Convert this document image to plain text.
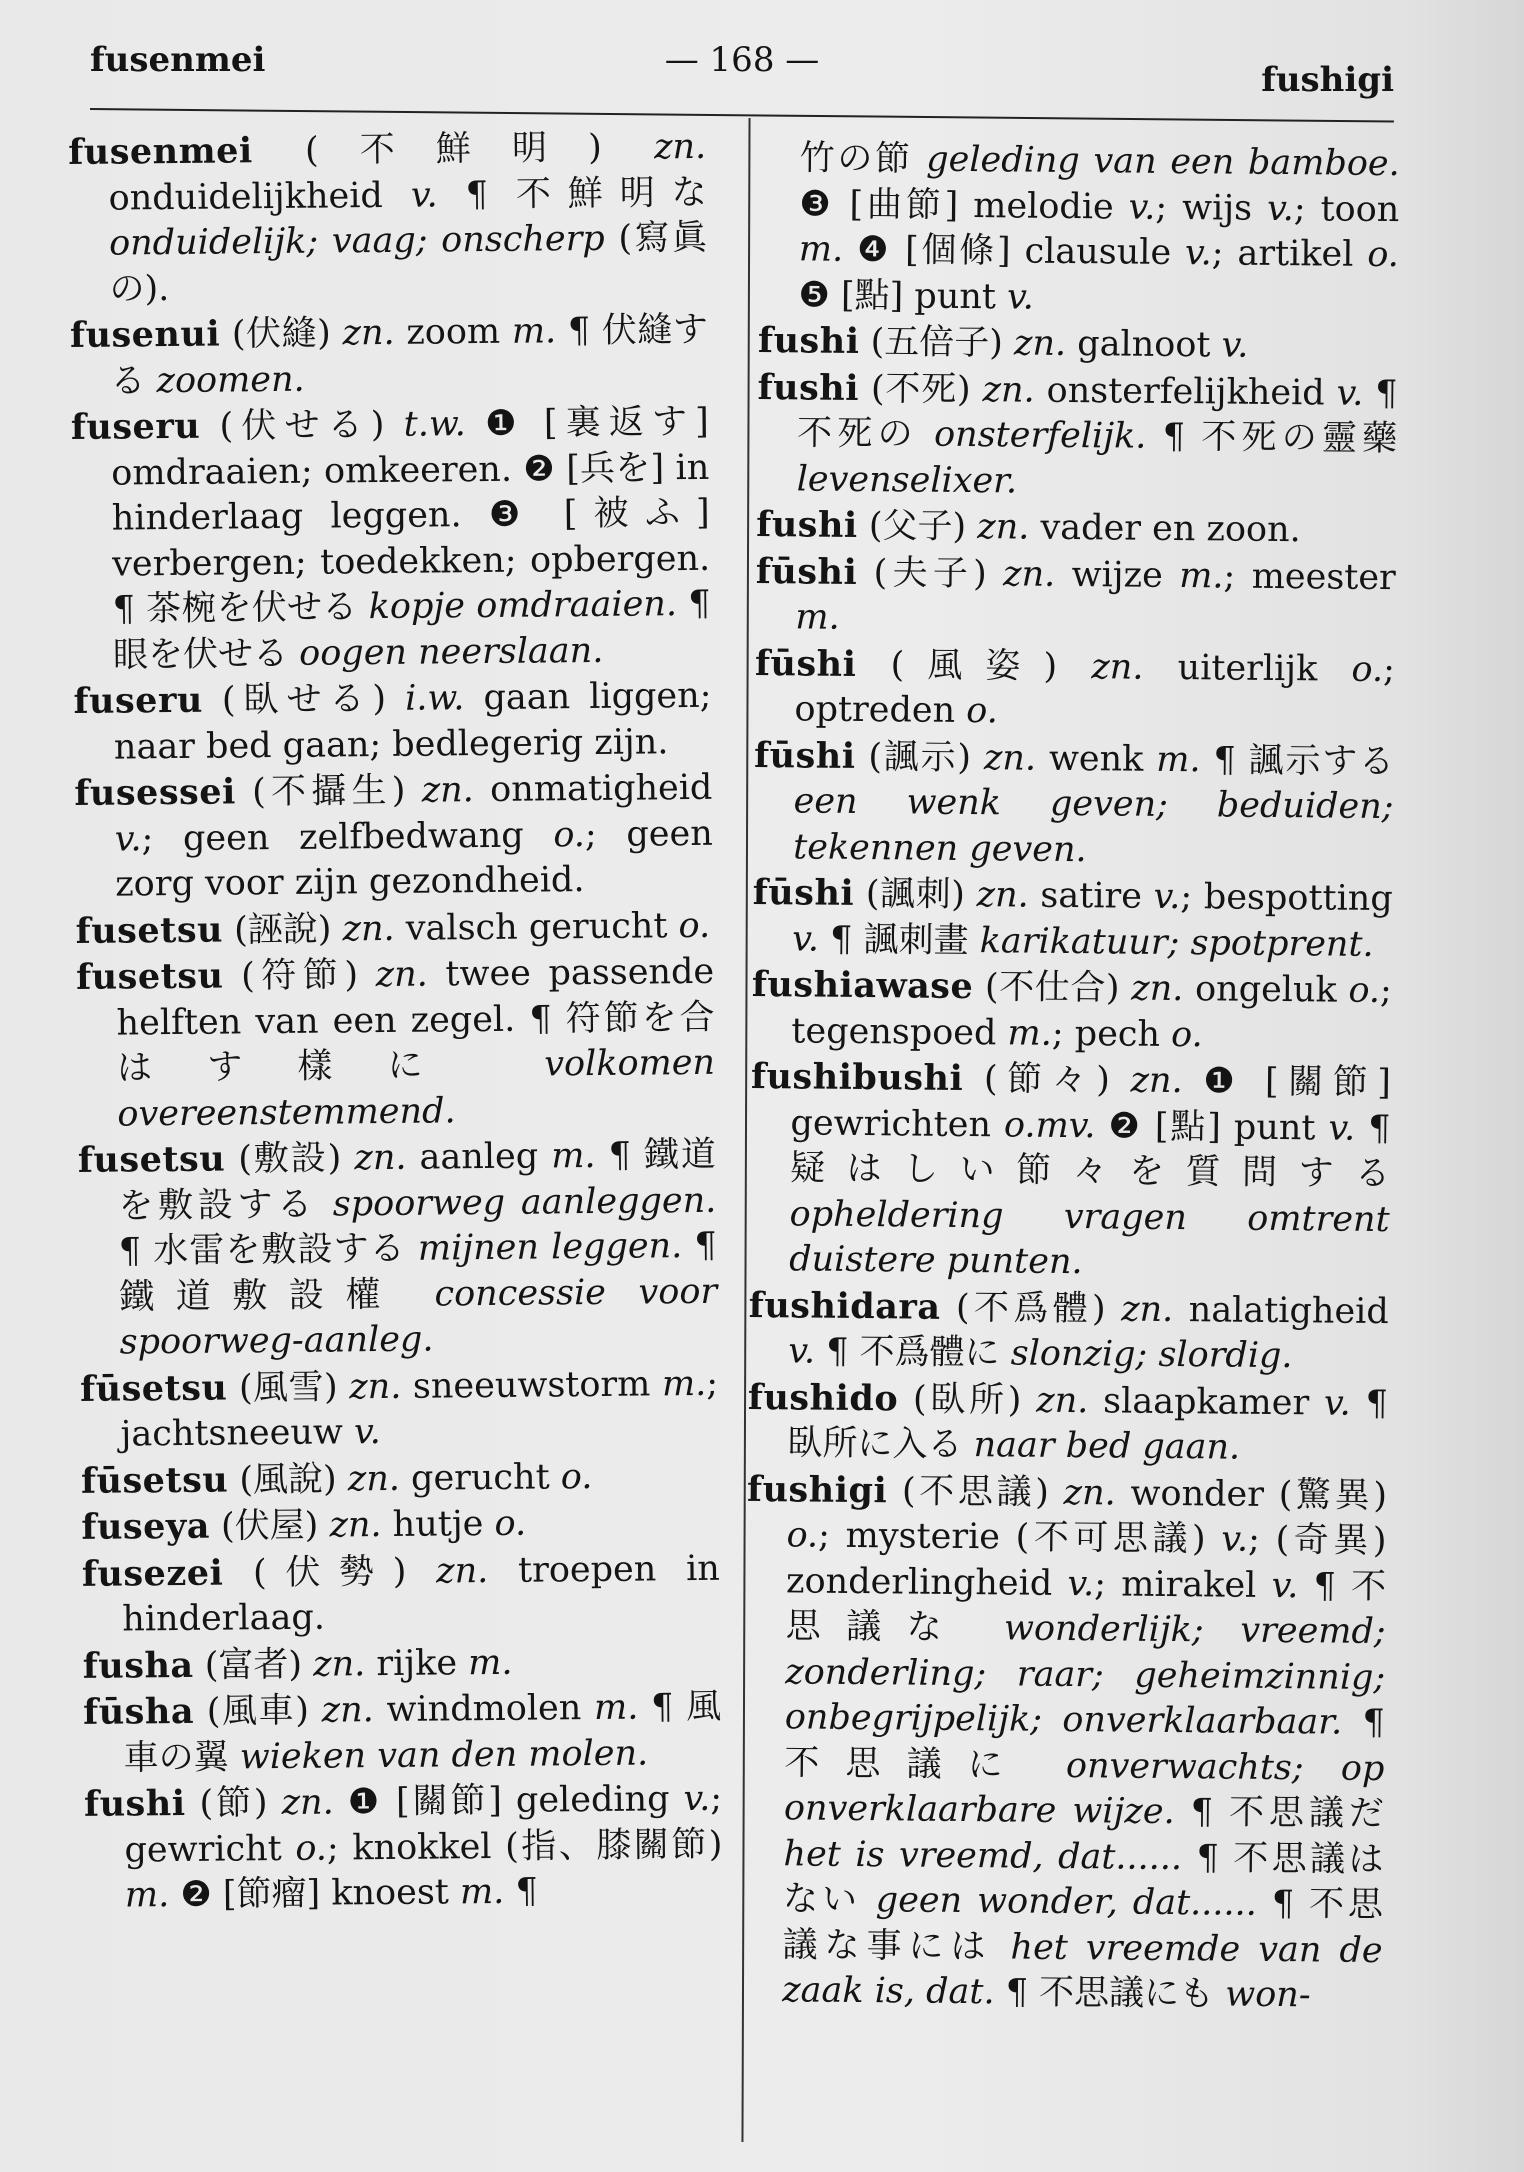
fusenmei	— 168 —	fushigi

fusenmei (不鮮明) zn. onduidelijkheid v. ¶ 不鮮明な onduidelijk; vaag; onscherp (寫眞の).

fusenui (伏縫) zn. zoom m. ¶ 伏縫する zoomen.

fuseru (伏せる) t.w. ❶ [裏返す] omdraaien; omkeeren. ❷ [兵を] in hinderlaag leggen. ❸ [被ふ] verbergen; toedekken; opbergen. ¶ 茶椀を伏せる kopje omdraaien. ¶ 眼を伏せる oogen neerslaan.

fuseru (臥せる) i.w. gaan liggen; naar bed gaan; bedlegerig zijn.

fusessei (不攝生) zn. onmatigheid v.; geen zelfbedwang o.; geen zorg voor zijn gezondheid.

fusetsu (誣說) zn. valsch gerucht o.

fusetsu (符節) zn. twee passende helften van een zegel. ¶ 符節を合はす樣に volkomen overeenstemmend.

fusetsu (敷設) zn. aanleg m. ¶ 鐵道を敷設する spoorweg aanleggen. ¶ 水雷を敷設する mijnen leggen. ¶ 鐵道敷設權 concessie voor spoorweg-aanleg.

fūsetsu (風雪) zn. sneeuwstorm m.; jachtsneeuw v.

fūsetsu (風說) zn. gerucht o.

fuseya (伏屋) zn. hutje o.

fusezei (伏勢) zn. troepen in hinderlaag.

fusha (富者) zn. rijke m.

fūsha (風車) zn. windmolen m. ¶ 風車の翼 wieken van den molen.

fushi (節) zn. ❶ [關節] geleding v.; gewricht o.; knokkel (指、膝關節) m. ❷ [節瘤] knoest m. ¶

竹の節 geleding van een bamboe. ❸ [曲節] melodie v.; wijs v.; toon m. ❹ [個條] clausule v.; artikel o. ❺ [點] punt v.

fushi (五倍子) zn. galnoot v.

fushi (不死) zn. onsterfelijkheid v. ¶ 不死の onsterfelijk. ¶ 不死の靈藥 levenselixer.

fushi (父子) zn. vader en zoon.

fūshi (夫子) zn. wijze m.; meester m.

fūshi (風姿) zn. uiterlijk o.; optreden o.

fūshi (諷示) zn. wenk m. ¶ 諷示する een wenk geven; beduiden; tekennen geven.

fūshi (諷刺) zn. satire v.; bespotting v. ¶ 諷刺畫 karikatuur; spotprent.

fushiawase (不仕合) zn. ongeluk o.; tegenspoed m.; pech o.

fushibushi (節々) zn. ❶ [關節] gewrichten o.mv. ❷ [點] punt v. ¶ 疑はしい節々を質問する opheldering vragen omtrent duistere punten.

fushidara (不爲體) zn. nalatigheid v. ¶ 不爲體に slonzig; slordig.

fushido (臥所) zn. slaapkamer v. ¶ 臥所に入る naar bed gaan.

fushigi (不思議) zn. wonder (驚異) o.; mysterie (不可思議) v.; (奇異) zonderlingheid v.; mirakel v. ¶ 不思議な wonderlijk; vreemd; zonderling; raar; geheimzinnig; onbegrijpelijk; onverklaarbaar. ¶ 不思議に onverwachts; op onverklaarbare wijze. ¶ 不思議だ het is vreemd, dat...... ¶ 不思議はない geen wonder, dat...... ¶ 不思議な事には het vreemde van de zaak is, dat. ¶ 不思議にも won-
